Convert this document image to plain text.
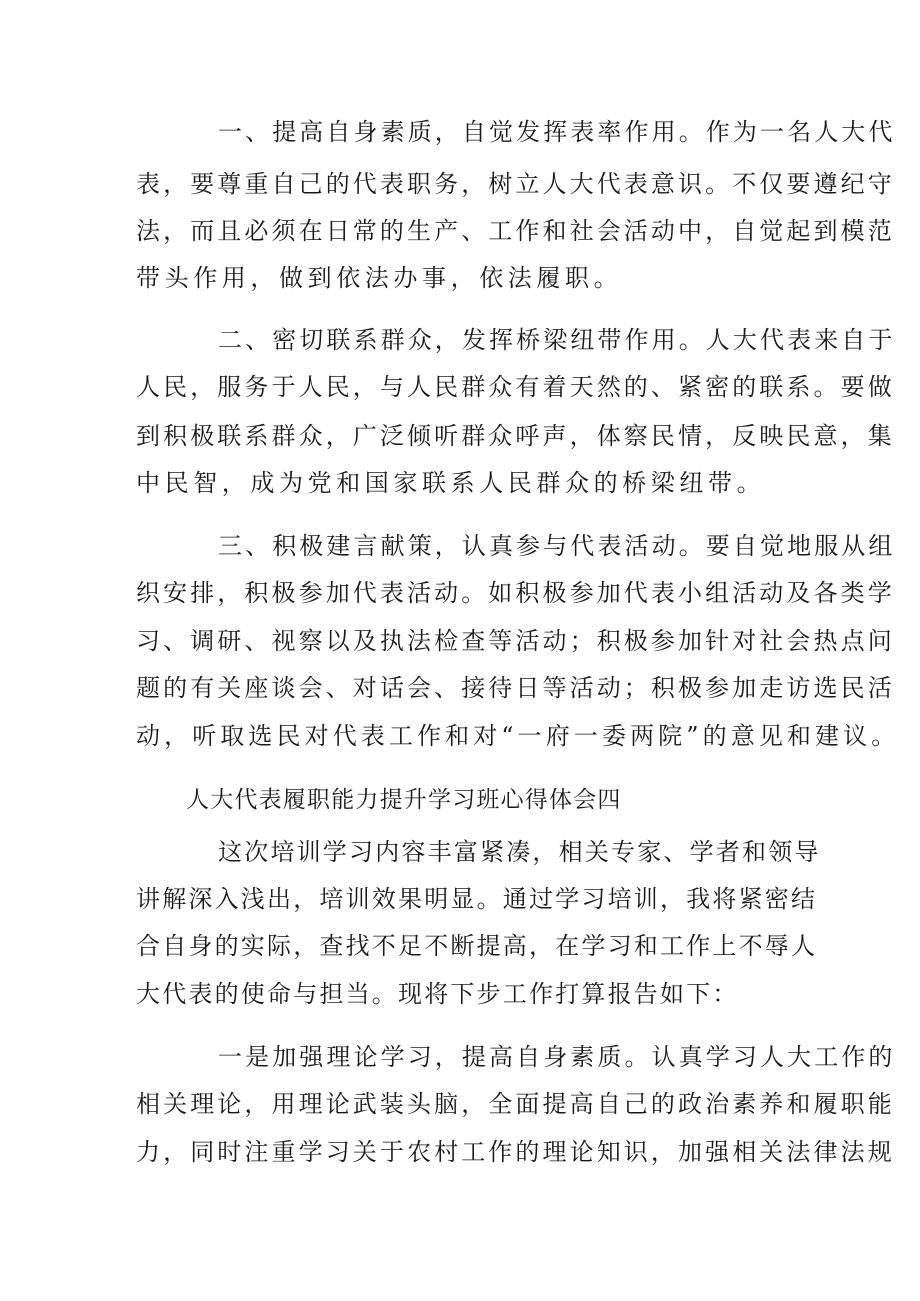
一、提高自身素质，自觉发挥表率作用。作为一名人大代
表，要尊重自己的代表职务，树立人大代表意识。不仅要遵纪守
法，而且必须在日常的生产、工作和社会活动中，自觉起到模范
带头作用，做到依法办事，依法履职。
二、密切联系群众，发挥桥梁纽带作用。人大代表来自于
人民，服务于人民，与人民群众有着天然的、紧密的联系。要做
到积极联系群众，广泛倾听群众呼声，体察民情，反映民意，集
中民智，成为党和国家联系人民群众的桥梁纽带。
三、积极建言献策，认真参与代表活动。要自觉地服从组
织安排，积极参加代表活动。如积极参加代表小组活动及各类学
习、调研、视察以及执法检查等活动；积极参加针对社会热点问
题的有关座谈会、对话会、接待日等活动；积极参加走访选民活
动，听取选民对代表工作和对“一府一委两院”的意见和建议。
人大代表履职能力提升学习班心得体会四
这次培训学习内容丰富紧凑，相关专家、学者和领导
讲解深入浅出，培训效果明显。通过学习培训，我将紧密结
合自身的实际，查找不足不断提高，在学习和工作上不辱人
大代表的使命与担当。现将下步工作打算报告如下：
一是加强理论学习，提高自身素质。认真学习人大工作的
相关理论，用理论武装头脑，全面提高自己的政治素养和履职能
力，同时注重学习关于农村工作的理论知识，加强相关法律法规
